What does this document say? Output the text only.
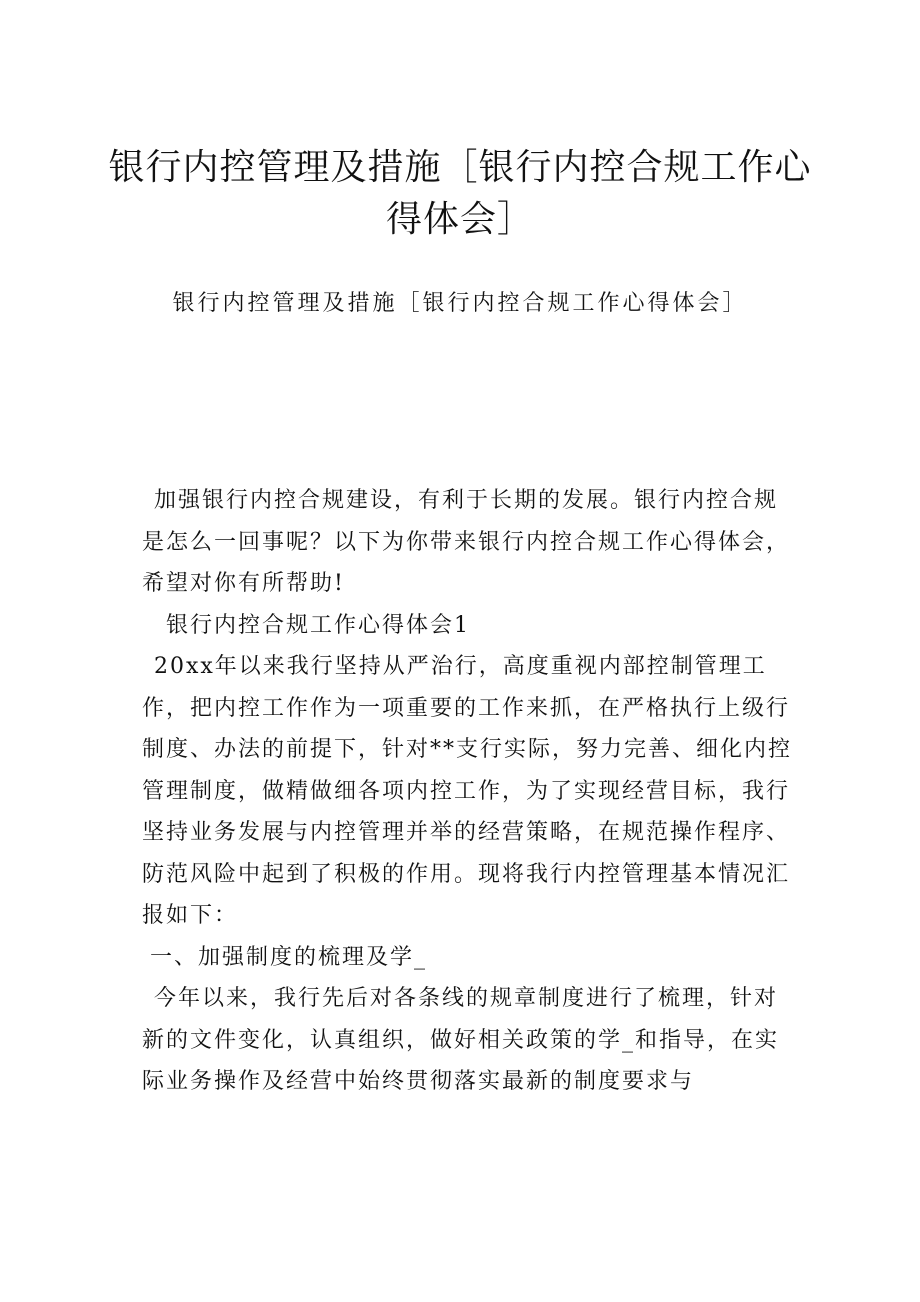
银行内控管理及措施［银行内控合规工作心得体会］

银行内控管理及措施［银行内控合规工作心得体会］

加强银行内控合规建设，有利于长期的发展。银行内控合规是怎么一回事呢？以下为你带来银行内控合规工作心得体会，希望对你有所帮助!

银行内控合规工作心得体会1

20xx年以来我行坚持从严治行，高度重视内部控制管理工作，把内控工作作为一项重要的工作来抓，在严格执行上级行制度、办法的前提下，针对**支行实际，努力完善、细化内控管理制度，做精做细各项内控工作，为了实现经营目标，我行坚持业务发展与内控管理并举的经营策略，在规范操作程序、防范风险中起到了积极的作用。现将我行内控管理基本情况汇报如下：

一、加强制度的梳理及学_

今年以来，我行先后对各条线的规章制度进行了梳理，针对新的文件变化，认真组织，做好相关政策的学_和指导，在实际业务操作及经营中始终贯彻落实最新的制度要求与
